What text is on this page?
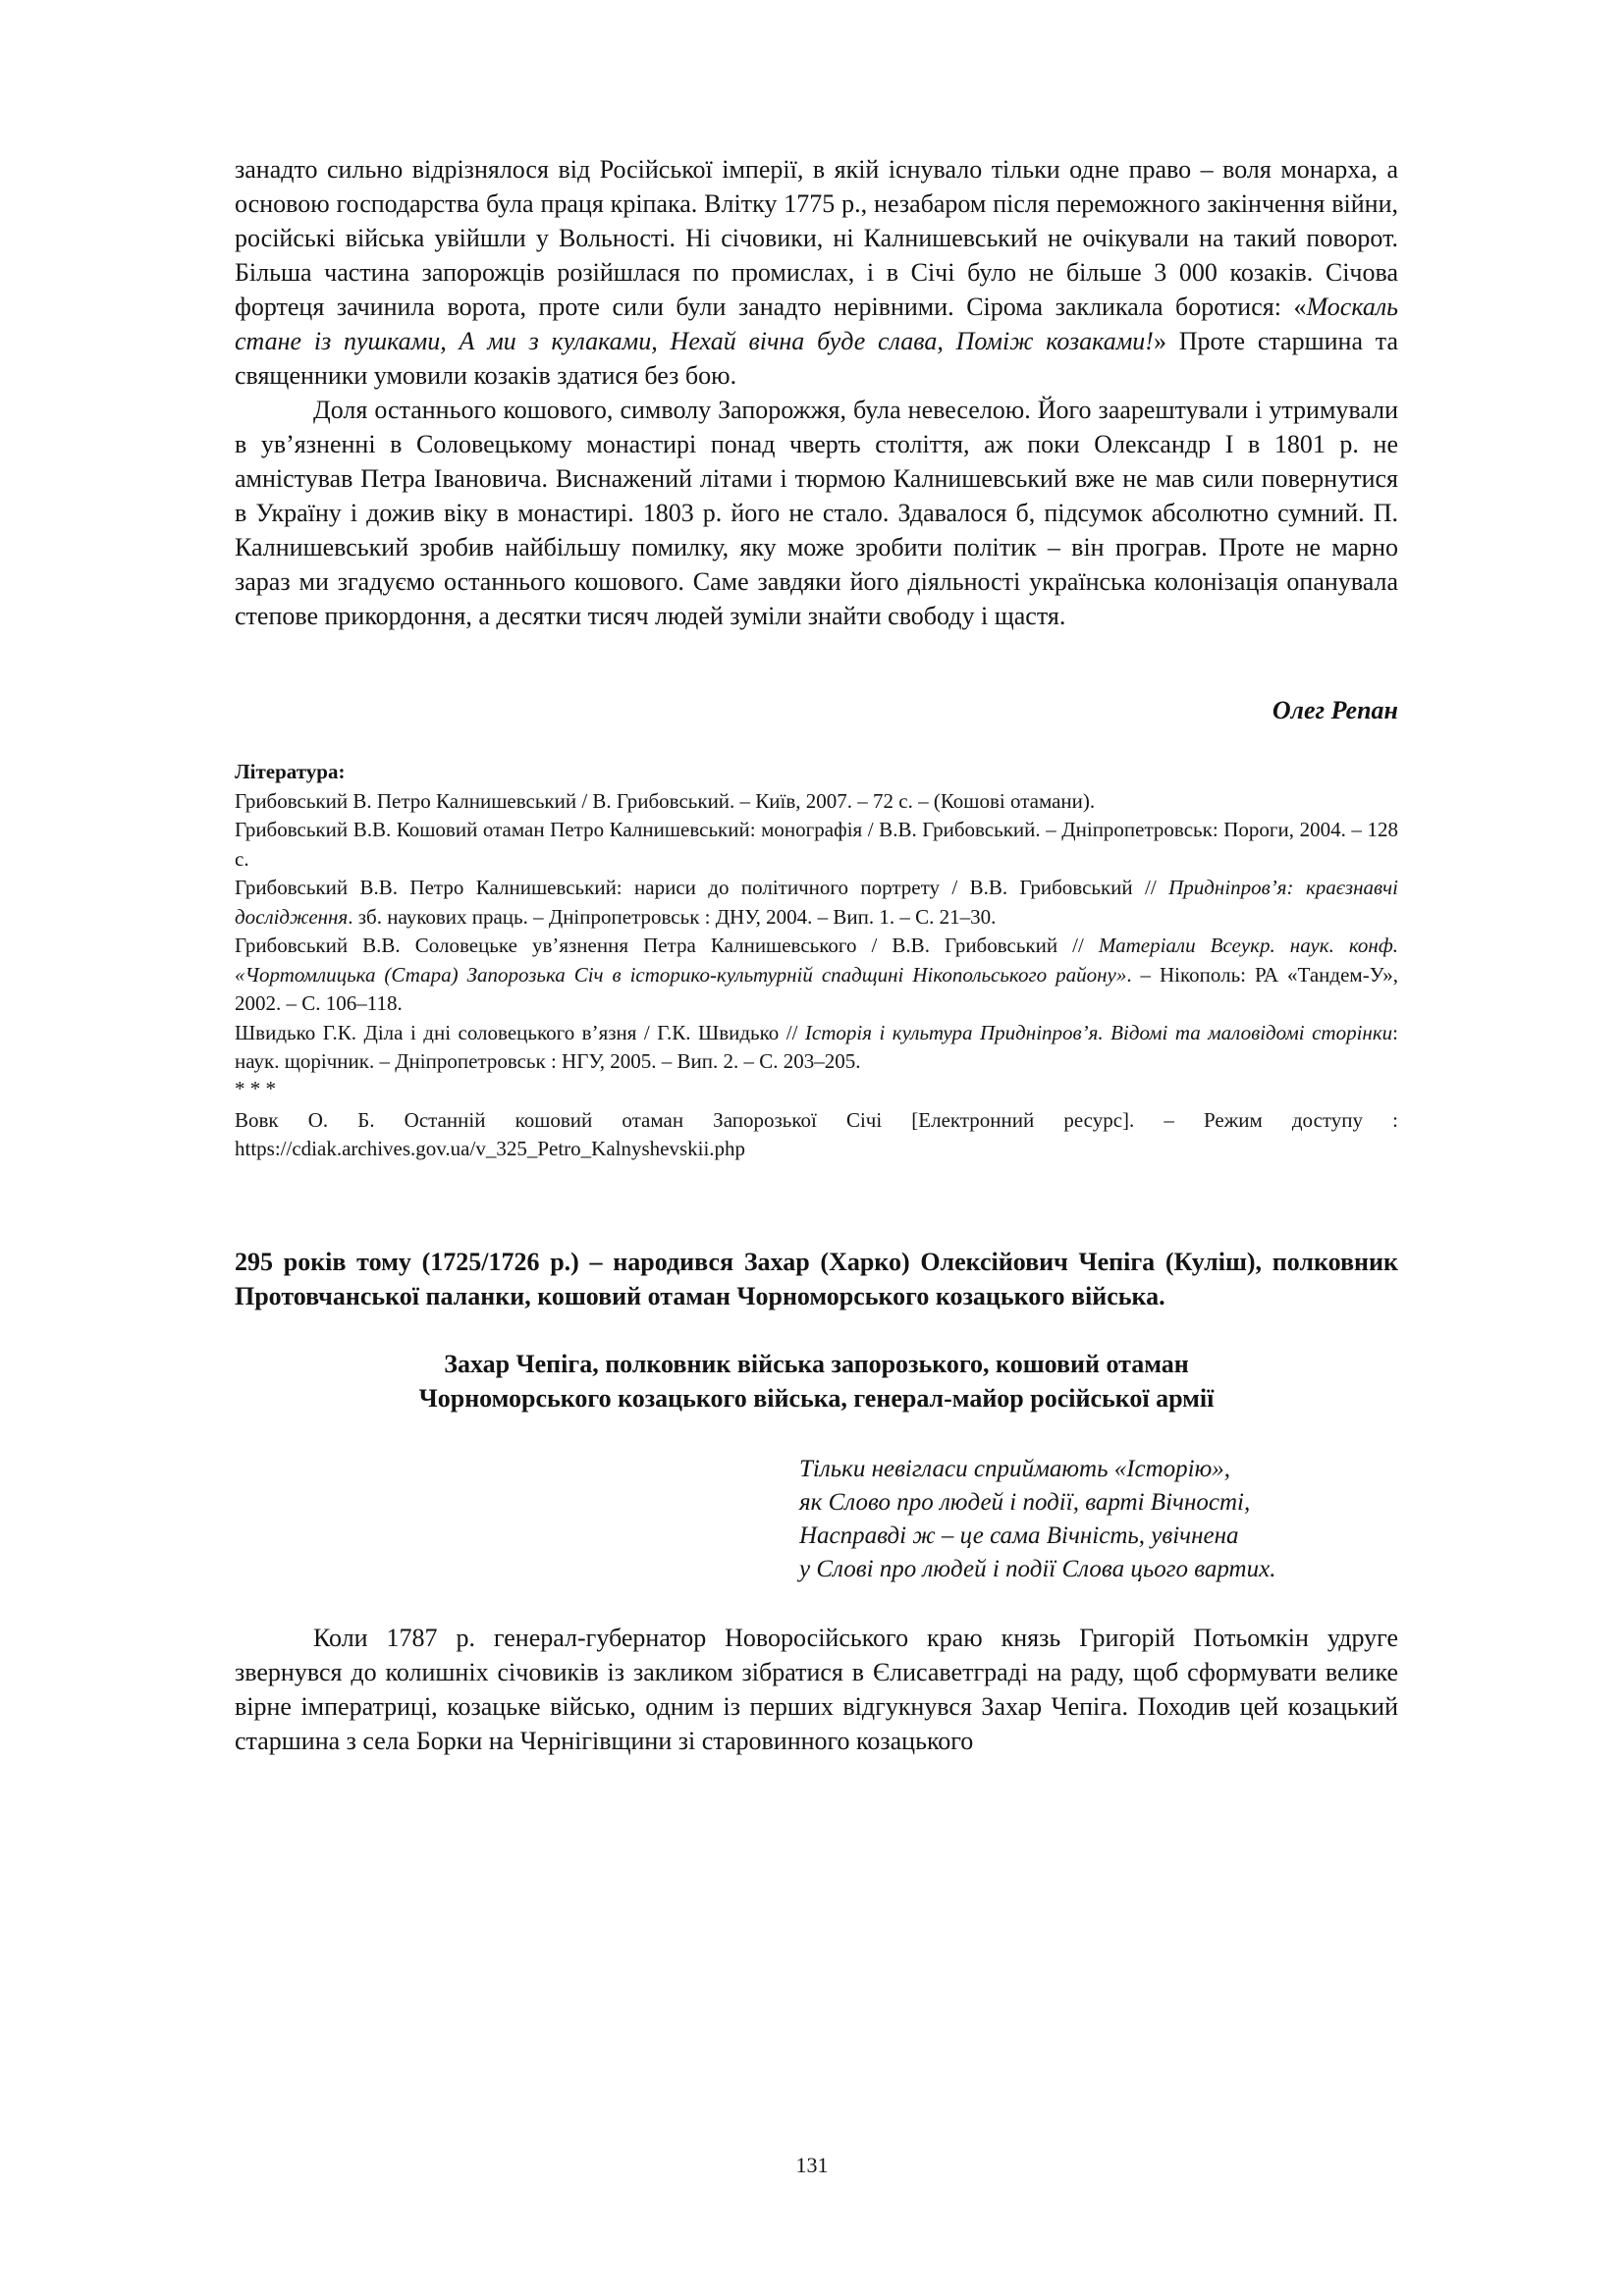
занадто сильно відрізнялося від Російської імперії, в якій існувало тільки одне право – воля монарха, а основою господарства була праця кріпака. Влітку 1775 р., незабаром після переможного закінчення війни, російські війська увійшли у Вольності. Ні січовики, ні Калнишевський не очікували на такий поворот. Більша частина запорожців розійшлася по промислах, і в Січі було не більше 3 000 козаків. Січова фортеця зачинила ворота, проте сили були занадто нерівними. Сірома закликала боротися: «Москаль стане із пушками, А ми з кулаками, Нехай вічна буде слава, Поміж козаками!» Проте старшина та священники умовили козаків здатися без бою.

Доля останнього кошового, символу Запорожжя, була невеселою. Його заарештували і утримували в ув’язненні в Соловецькому монастирі понад чверть століття, аж поки Олександр I в 1801 р. не амністував Петра Івановича. Виснажений літами і тюрмою Калнишевський вже не мав сили повернутися в Україну і дожив віку в монастирі. 1803 р. його не стало. Здавалося б, підсумок абсолютно сумний. П. Калнишевський зробив найбільшу помилку, яку може зробити політик – він програв. Проте не марно зараз ми згадуємо останнього кошового. Саме завдяки його діяльності українська колонізація опанувала степове прикордоння, а десятки тисяч людей зуміли знайти свободу і щастя.

Олег Репан
Література:
Грибовський В. Петро Калнишевський / В. Грибовський. – Київ, 2007. – 72 с. – (Кошові отамани).
Грибовський В.В. Кошовий отаман Петро Калнишевський: монографія / В.В. Грибовський. – Дніпропетровськ: Пороги, 2004. – 128 с.
Грибовський В.В. Петро Калнишевський: нариси до політичного портрету / В.В. Грибовський // Придніпров’я: краєзнавчі дослідження. зб. наукових праць. – Дніпропетровськ : ДНУ, 2004. – Вип. 1. – С. 21–30.
Грибовський В.В. Соловецьке ув’язнення Петра Калнишевського / В.В. Грибовський // Матеріали Всеукр. наук. конф. «Чортомлицька (Стара) Запорозька Січ в історико-культурній спадщині Нікопольського району». – Нікополь: РА «Тандем-У», 2002. – С. 106–118.
Швидько Г.К. Діла і дні соловецького в’язня / Г.К. Швидько // Історія і культура Придніпров’я. Відомі та маловідомі сторінки: наук. щорічник. – Дніпропетровськ : НГУ, 2005. – Вип. 2. – С. 203–205.
* * *
Вовк О. Б. Останній кошовий отаман Запорозької Січі [Електронний ресурс]. – Режим доступу : https://cdiak.archives.gov.ua/v_325_Petro_Kalnyshevskii.php
295 років тому (1725/1726 р.) – народився Захар (Харко) Олексійович Чепіга (Куліш), полковник Протовчанської паланки, кошовий отаман Чорноморського козацького війська.
Захар Чепіга, полковник війська запорозького, кошовий отаман
Чорноморського козацького війська, генерал-майор російської армії
Тільки невігласи сприймають «Історію»,
як Слово про людей і події, варті Вічності,
Насправді ж – це сама Вічність, увічнена
у Слові про людей і події Слова цього вартих.

Коли 1787 р. генерал-губернатор Новоросійського краю князь Григорій Потьомкін удруге звернувся до колишніх січовиків із закликом зібратися в Єлисаветграді на раду, щоб сформувати велике вірне імператриці, козацьке військо, одним із перших відгукнувся Захар Чепіга. Походив цей козацький старшина з села Борки на Чернігівщини зі старовинного козацького

131
